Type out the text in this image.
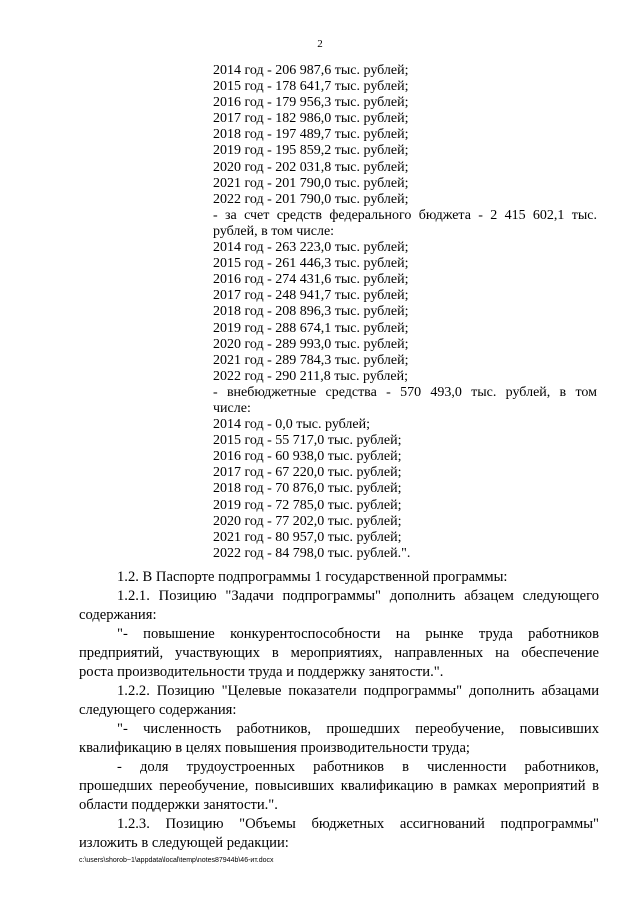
2
2014 год - 206 987,6 тыс. рублей;
2015 год - 178 641,7 тыс. рублей;
2016 год - 179 956,3 тыс. рублей;
2017 год - 182 986,0 тыс. рублей;
2018 год - 197 489,7 тыс. рублей;
2019 год - 195 859,2 тыс. рублей;
2020 год - 202 031,8 тыс. рублей;
2021 год - 201 790,0 тыс. рублей;
2022 год - 201 790,0 тыс. рублей;
- за счет средств федерального бюджета - 2 415 602,1 тыс.
рублей, в том числе:
2014 год - 263 223,0 тыс. рублей;
2015 год - 261 446,3 тыс. рублей;
2016 год - 274 431,6 тыс. рублей;
2017 год - 248 941,7 тыс. рублей;
2018 год - 208 896,3 тыс. рублей;
2019 год - 288 674,1 тыс. рублей;
2020 год - 289 993,0 тыс. рублей;
2021 год - 289 784,3 тыс. рублей;
2022 год - 290 211,8 тыс. рублей;
- внебюджетные средства - 570 493,0 тыс. рублей, в том
числе:
2014 год - 0,0 тыс. рублей;
2015 год - 55 717,0 тыс. рублей;
2016 год - 60 938,0 тыс. рублей;
2017 год - 67 220,0 тыс. рублей;
2018 год - 70 876,0 тыс. рублей;
2019 год - 72 785,0 тыс. рублей;
2020 год - 77 202,0 тыс. рублей;
2021 год - 80 957,0 тыс. рублей;
2022 год - 84 798,0 тыс. рублей.".
1.2. В Паспорте подпрограммы 1 государственной программы:
1.2.1. Позицию "Задачи подпрограммы" дополнить абзацем следующего
содержания:
"- повышение конкурентоспособности на рынке труда работников
предприятий, участвующих в мероприятиях, направленных на обеспечение
роста производительности труда и поддержку занятости.".
1.2.2. Позицию "Целевые показатели подпрограммы" дополнить абзацами
следующего содержания:
"- численность работников, прошедших переобучение, повысивших
квалификацию в целях повышения производительности труда;
- доля трудоустроенных работников в численности работников,
прошедших переобучение, повысивших квалификацию в рамках мероприятий в
области поддержки занятости.".
1.2.3. Позицию "Объемы бюджетных ассигнований подпрограммы"
изложить в следующей редакции:
c:\users\shorob~1\appdata\local\temp\notes87944b\46-ит.docx
